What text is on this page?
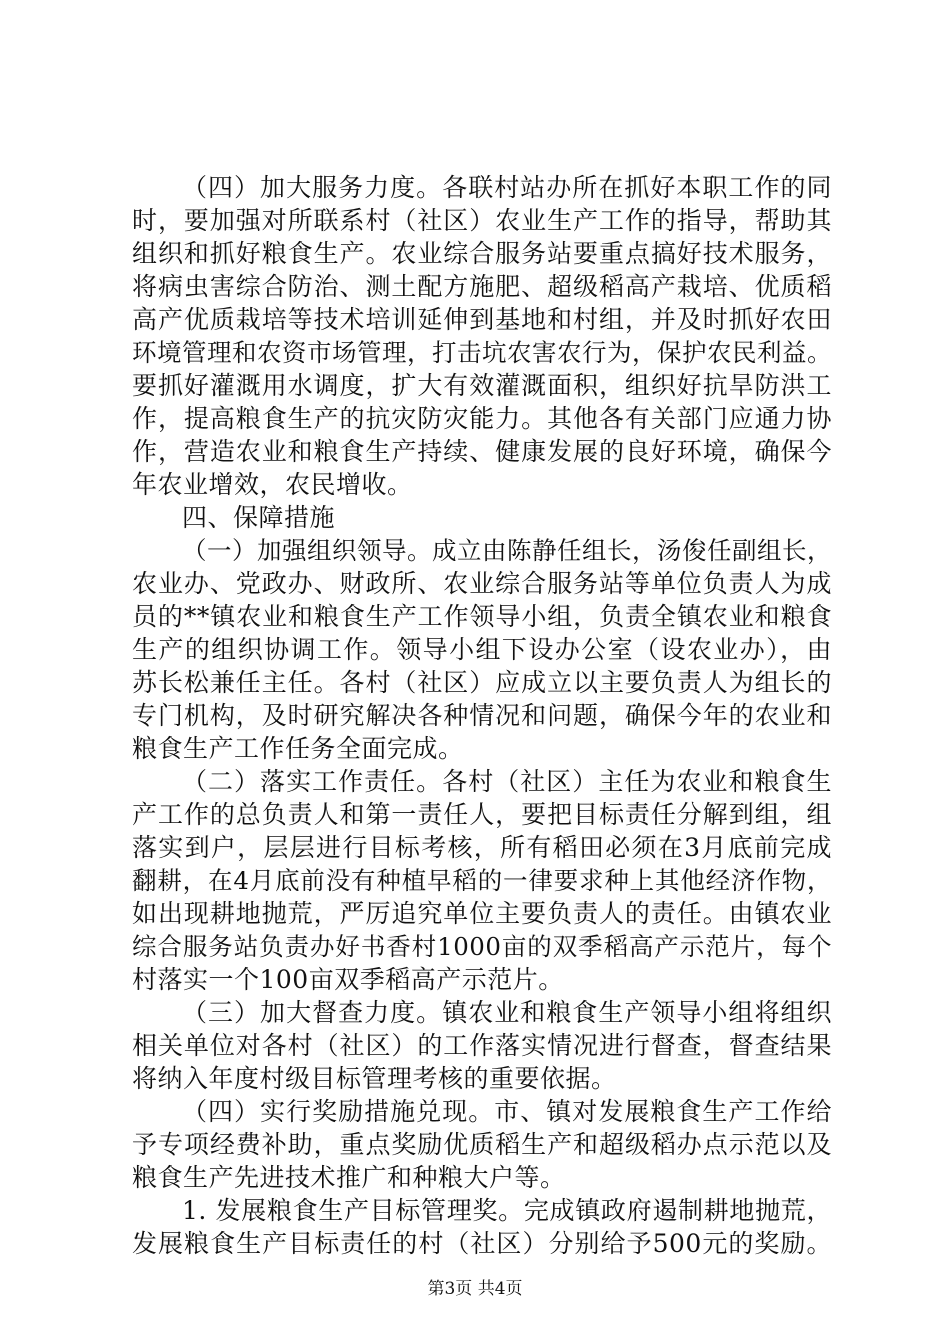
（四）加大服务力度。各联村站办所在抓好本职工作的同
时，要加强对所联系村（社区）农业生产工作的指导，帮助其
组织和抓好粮食生产。农业综合服务站要重点搞好技术服务，
将病虫害综合防治、测土配方施肥、超级稻高产栽培、优质稻
高产优质栽培等技术培训延伸到基地和村组，并及时抓好农田
环境管理和农资市场管理，打击坑农害农行为，保护农民利益。
要抓好灌溉用水调度，扩大有效灌溉面积，组织好抗旱防洪工
作，提高粮食生产的抗灾防灾能力。其他各有关部门应通力协
作，营造农业和粮食生产持续、健康发展的良好环境，确保今
年农业增效，农民增收。
四、保障措施
（一）加强组织领导。成立由陈静任组长，汤俊任副组长，
农业办、党政办、财政所、农业综合服务站等单位负责人为成
员的**镇农业和粮食生产工作领导小组，负责全镇农业和粮食
生产的组织协调工作。领导小组下设办公室（设农业办），由
苏长松兼任主任。各村（社区）应成立以主要负责人为组长的
专门机构，及时研究解决各种情况和问题，确保今年的农业和
粮食生产工作任务全面完成。
（二）落实工作责任。各村（社区）主任为农业和粮食生
产工作的总负责人和第一责任人，要把目标责任分解到组，组
落实到户，层层进行目标考核，所有稻田必须在3月底前完成
翻耕，在4月底前没有种植早稻的一律要求种上其他经济作物，
如出现耕地抛荒，严厉追究单位主要负责人的责任。由镇农业
综合服务站负责办好书香村1000亩的双季稻高产示范片，每个
村落实一个100亩双季稻高产示范片。
（三）加大督查力度。镇农业和粮食生产领导小组将组织
相关单位对各村（社区）的工作落实情况进行督查，督查结果
将纳入年度村级目标管理考核的重要依据。
（四）实行奖励措施兑现。市、镇对发展粮食生产工作给
予专项经费补助，重点奖励优质稻生产和超级稻办点示范以及
粮食生产先进技术推广和种粮大户等。
1. 发展粮食生产目标管理奖。完成镇政府遏制耕地抛荒，
发展粮食生产目标责任的村（社区）分别给予500元的奖励。
第3页 共4页
